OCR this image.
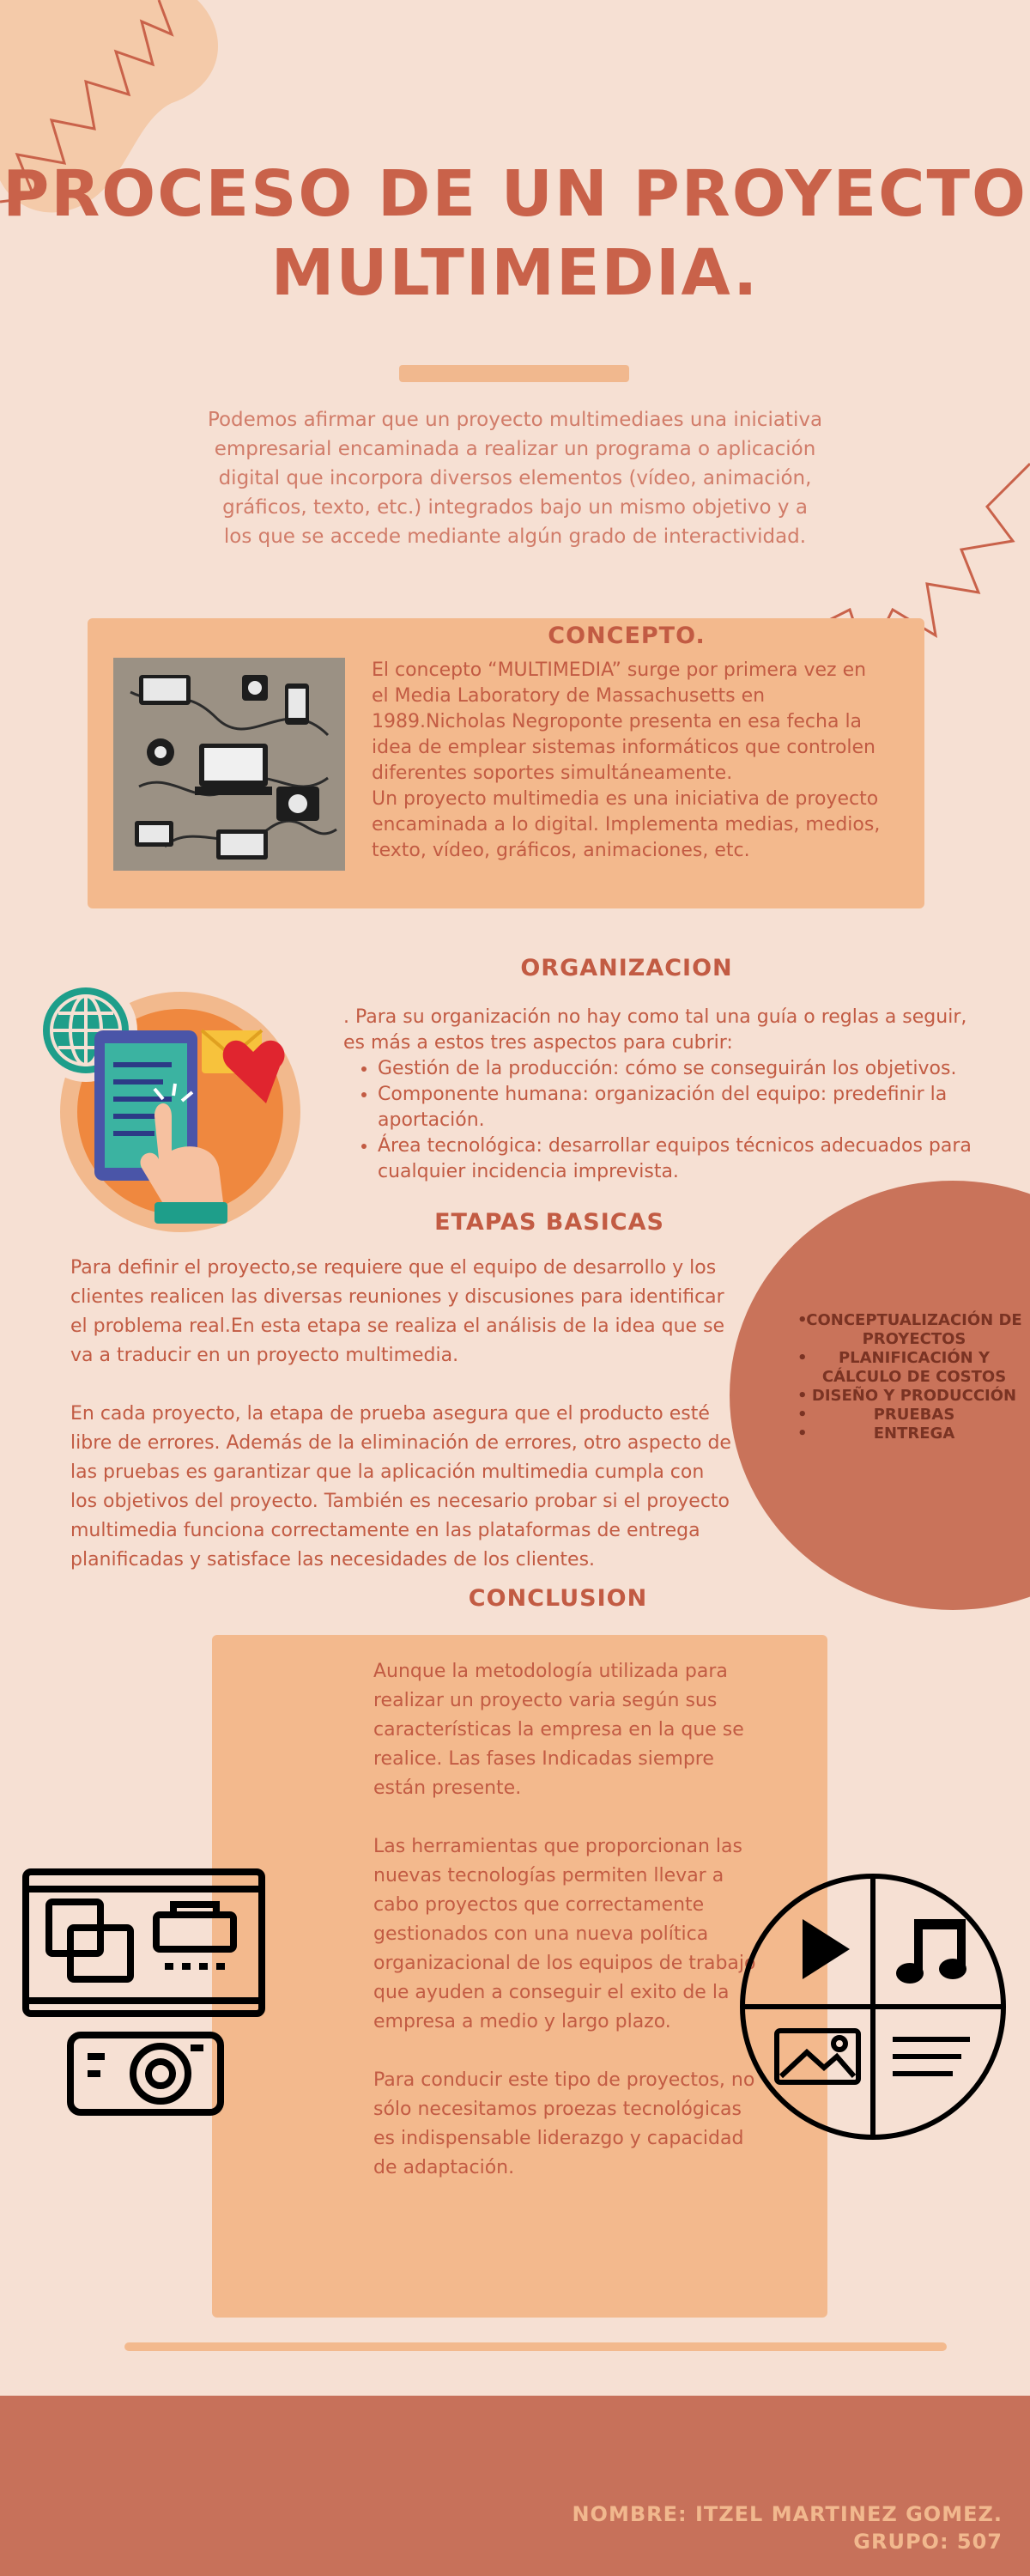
PROCESO DE UN PROYECTO
MULTIMEDIA.
Podemos afirmar que un proyecto multimediaes una iniciativa empresarial encaminada a realizar un programa o aplicación digital que incorpora diversos elementos (vídeo, animación, gráficos, texto, etc.) integrados bajo un mismo objetivo y a los que se accede mediante algún grado de interactividad.
CONCEPTO.
El concepto “MULTIMEDIA” surge por primera vez en el Media Laboratory de Massachusetts en 1989.Nicholas Negroponte presenta en esa fecha la idea de emplear sistemas informáticos que controlen diferentes soportes simultáneamente.
Un proyecto multimedia es una iniciativa de proyecto encaminada a lo digital. Implementa medias, medios, texto, vídeo, gráficos, animaciones, etc.
ORGANIZACION
. Para su organización no hay como tal una guía o reglas a seguir, es más a estos tres aspectos para cubrir:
• Gestión de la producción: cómo se conseguirán los objetivos.
• Componente humana: organización del equipo: predefinir la aportación.
• Área tecnológica: desarrollar equipos técnicos adecuados para cualquier incidencia imprevista.
ETAPAS BASICAS
Para definir el proyecto,se requiere que el equipo de desarrollo y los clientes realicen las diversas reuniones y discusiones para identificar el problema real.En esta etapa se realiza el análisis de la idea que se va a traducir en un proyecto multimedia.
En cada proyecto, la etapa de prueba asegura que el producto esté libre de errores. Además de la eliminación de errores, otro aspecto de las pruebas es garantizar que la aplicación multimedia cumpla con los objetivos del proyecto. También es necesario probar si el proyecto multimedia funciona correctamente en las plataformas de entrega planificadas y satisface las necesidades de los clientes.
• CONCEPTUALIZACIÓN DE PROYECTOS
• PLANIFICACIÓN Y CÁLCULO DE COSTOS
• DISEÑO Y PRODUCCIÓN
• PRUEBAS
• ENTREGA
CONCLUSION
Aunque la metodología utilizada para realizar un proyecto varia según sus características la empresa en la que se realice. Las fases Indicadas siempre están presente.
Las herramientas que proporcionan las nuevas tecnologías permiten llevar a cabo proyectos que correctamente gestionados con una nueva política organizacional de los equipos de trabajo que ayuden a conseguir el exito de la empresa a medio y largo plazo.
Para conducir este tipo de proyectos, no sólo necesitamos proezas tecnológicas es indispensable liderazgo y capacidad de adaptación.
NOMBRE: ITZEL MARTINEZ GOMEZ.
GRUPO: 507
